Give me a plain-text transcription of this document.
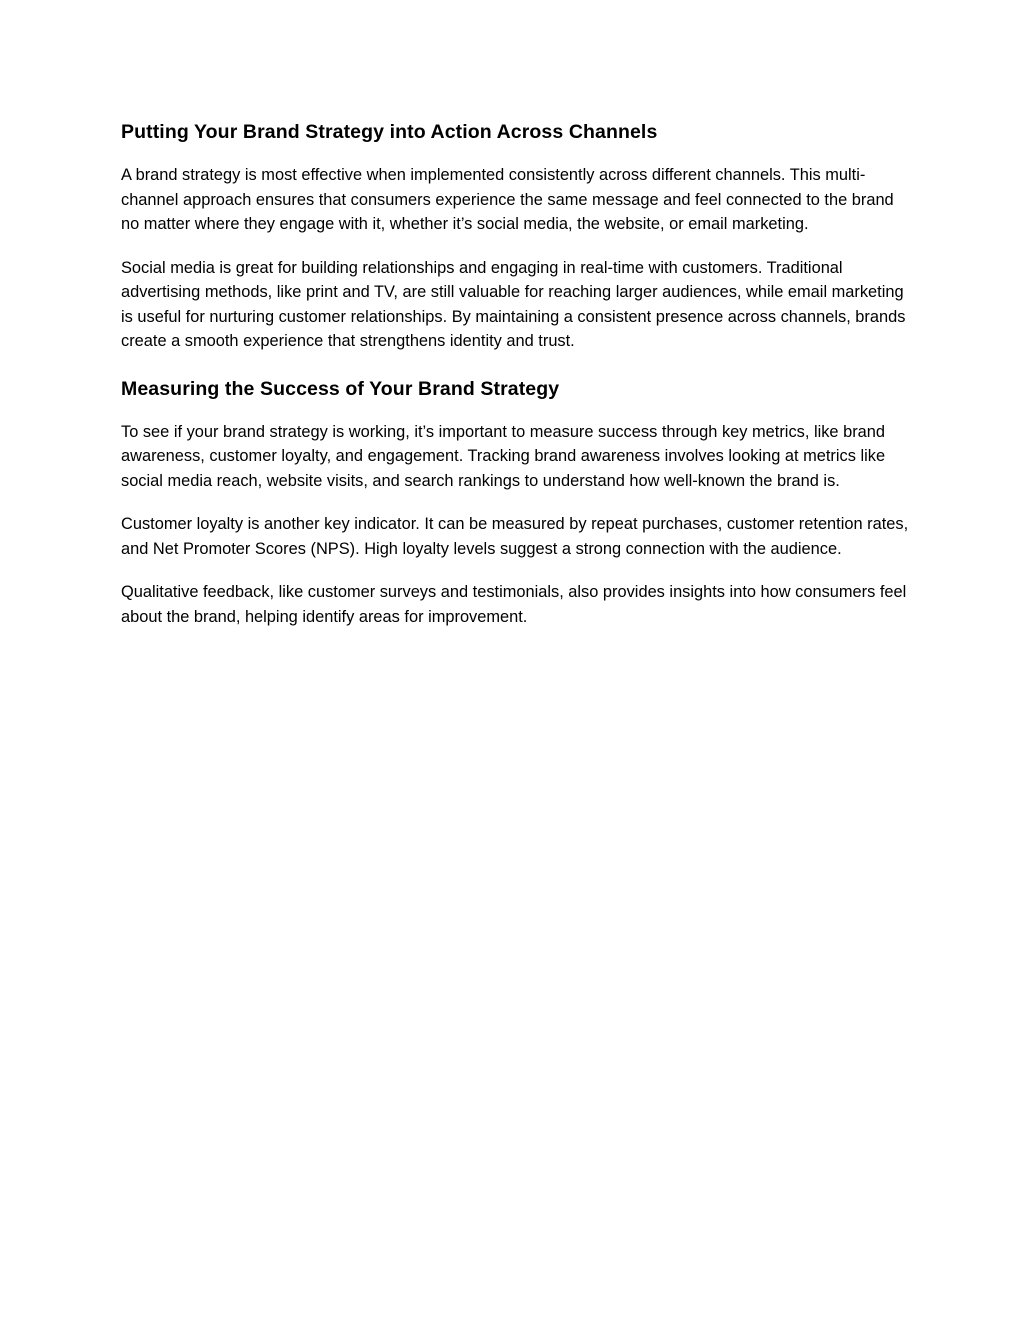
Putting Your Brand Strategy into Action Across Channels

A brand strategy is most effective when implemented consistently across different channels. This multi-channel approach ensures that consumers experience the same message and feel connected to the brand no matter where they engage with it, whether it’s social media, the website, or email marketing.

Social media is great for building relationships and engaging in real-time with customers. Traditional advertising methods, like print and TV, are still valuable for reaching larger audiences, while email marketing is useful for nurturing customer relationships. By maintaining a consistent presence across channels, brands create a smooth experience that strengthens identity and trust.

Measuring the Success of Your Brand Strategy

To see if your brand strategy is working, it’s important to measure success through key metrics, like brand awareness, customer loyalty, and engagement. Tracking brand awareness involves looking at metrics like social media reach, website visits, and search rankings to understand how well-known the brand is.

Customer loyalty is another key indicator. It can be measured by repeat purchases, customer retention rates, and Net Promoter Scores (NPS). High loyalty levels suggest a strong connection with the audience.

Qualitative feedback, like customer surveys and testimonials, also provides insights into how consumers feel about the brand, helping identify areas for improvement.
